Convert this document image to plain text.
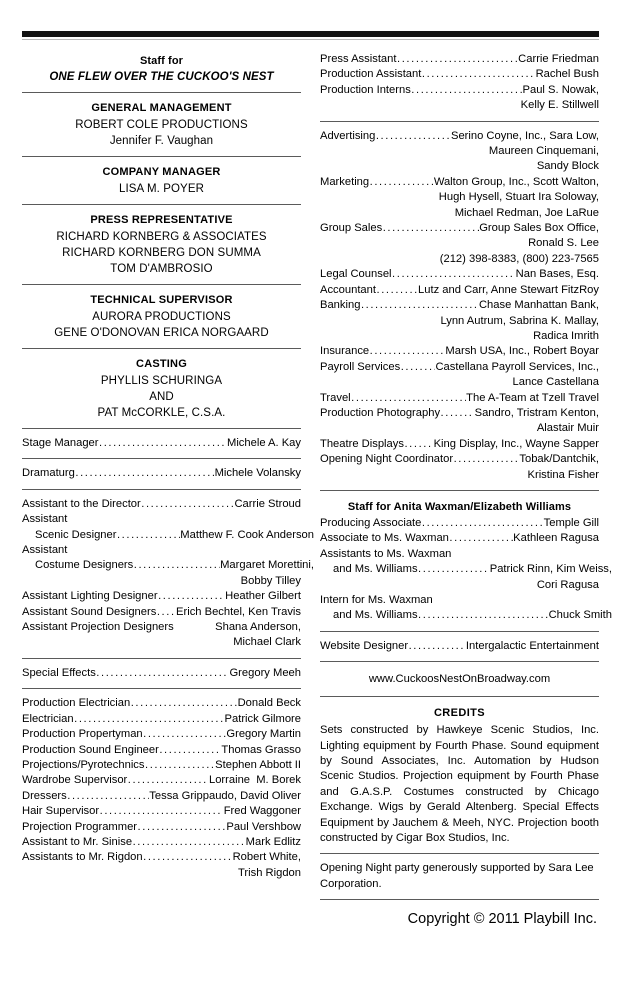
Staff for
ONE FLEW OVER THE CUCKOO'S NEST
GENERAL MANAGEMENT
ROBERT COLE PRODUCTIONS
Jennifer F. Vaughan
COMPANY MANAGER
LISA M. POYER
PRESS REPRESENTATIVE
RICHARD KORNBERG & ASSOCIATES
RICHARD KORNBERG DON SUMMA
TOM D'AMBROSIO
TECHNICAL SUPERVISOR
AURORA PRODUCTIONS
GENE O'DONOVAN ERICA NORGAARD
CASTING
PHYLLIS SCHURINGA
AND
PAT McCORKLE, C.S.A.
Stage Manager .....	Michele A. Kay
Dramaturg .....	Michele Volansky
Assistant to the Director .....	Carrie Stroud
Assistant
Scenic Designer .....	Matthew F. Cook Anderson
Assistant
Costume Designers .....	Margaret Morettini,
Bobby Tilley
Assistant Lighting Designer .....	Heather Gilbert
Assistant Sound Designers ..... Erich Bechtel, Ken Travis
Assistant Projection Designers	Shana Anderson,
Michael Clark
Special Effects .....	Gregory Meeh
Production Electrician .....	Donald Beck
Electrician .....	Patrick Gilmore
Production Propertyman .....	Gregory Martin
Production Sound Engineer .....	Thomas Grasso
Projections/Pyrotechnics .....	Stephen Abbott II
Wardrobe Supervisor .....	Lorraine  M. Borek
Dressers .....	Tessa Grippaudo, David Oliver
Hair Supervisor .....	Fred Waggoner
Projection Programmer .....	Paul Vershbow
Assistant to Mr. Sinise .....	Mark Edlitz
Assistants to Mr. Rigdon .....	Robert White,
Trish Rigdon
Press Assistant .....	Carrie Friedman
Production Assistant .....	Rachel Bush
Production Interns .....	Paul S. Nowak,
Kelly E. Stillwell
Advertising .....	Serino Coyne, Inc., Sara Low,
Maureen Cinquemani,
Sandy Block
Marketing .....	Walton Group, Inc., Scott Walton,
Hugh Hysell, Stuart Ira Soloway,
Michael Redman, Joe LaRue
Group Sales .....	Group Sales Box Office,
Ronald S. Lee
(212) 398-8383, (800) 223-7565
Legal Counsel .....	Nan Bases, Esq.
Accountant .....	Lutz and Carr, Anne Stewart FitzRoy
Banking .....	Chase Manhattan Bank,
Lynn Autrum, Sabrina K. Mallay,
Radica Imrith
Insurance .....	Marsh USA, Inc., Robert Boyar
Payroll Services .....	Castellana Payroll Services, Inc.,
Lance Castellana
Travel .....	The A-Team at Tzell Travel
Production Photography .....	Sandro, Tristram Kenton,
Alastair Muir
Theatre Displays .....	King Display, Inc., Wayne Sapper
Opening Night Coordinator .....	Tobak/Dantchik,
Kristina Fisher
Staff for Anita Waxman/Elizabeth Williams
Producing Associate .....	Temple Gill
Associate to Ms. Waxman .....	Kathleen Ragusa
Assistants to Ms. Waxman
and Ms. Williams .....	Patrick Rinn, Kim Weiss,
Cori Ragusa
Intern for Ms. Waxman
and Ms. Williams .....	Chuck Smith
Website Designer .....	Intergalactic Entertainment
www.CuckoosNestOnBroadway.com
CREDITS
Sets constructed by Hawkeye Scenic Studios, Inc. Lighting equipment by Fourth Phase. Sound equipment by Sound Associates, Inc. Automation by Hudson Scenic Studios. Projection equipment by Fourth Phase and G.A.S.P. Costumes constructed by Chicago Exchange. Wigs by Gerald Altenberg. Special Effects Equipment by Jauchem & Meeh, NYC. Projection booth constructed by Cigar Box Studios, Inc.
Opening Night party generously supported by Sara Lee Corporation.
Copyright © 2011 Playbill Inc.
